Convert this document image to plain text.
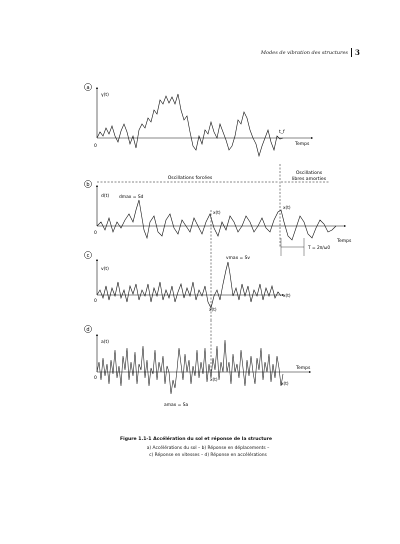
Modes de vibration des structures 3
a
γ(t)
0
t_f
Temps
Oscillations forcées
Oscillations
libres amorties
b
d(t)
0
dmax = Sd
x(t)
x(t)
Temps
T = 2π/ω0
c
v(t)
0
vmax = Sv
x(t)
x(t)
d
a(t)
0
amax = Sa
x(t)
x(t)
Temps
Figure 1.1-1 Accélération du sol et réponse de la structure
a) Accélérations du sol – b) Réponse en déplacements –
c) Réponse en vitesses – d) Réponse en accélérations
